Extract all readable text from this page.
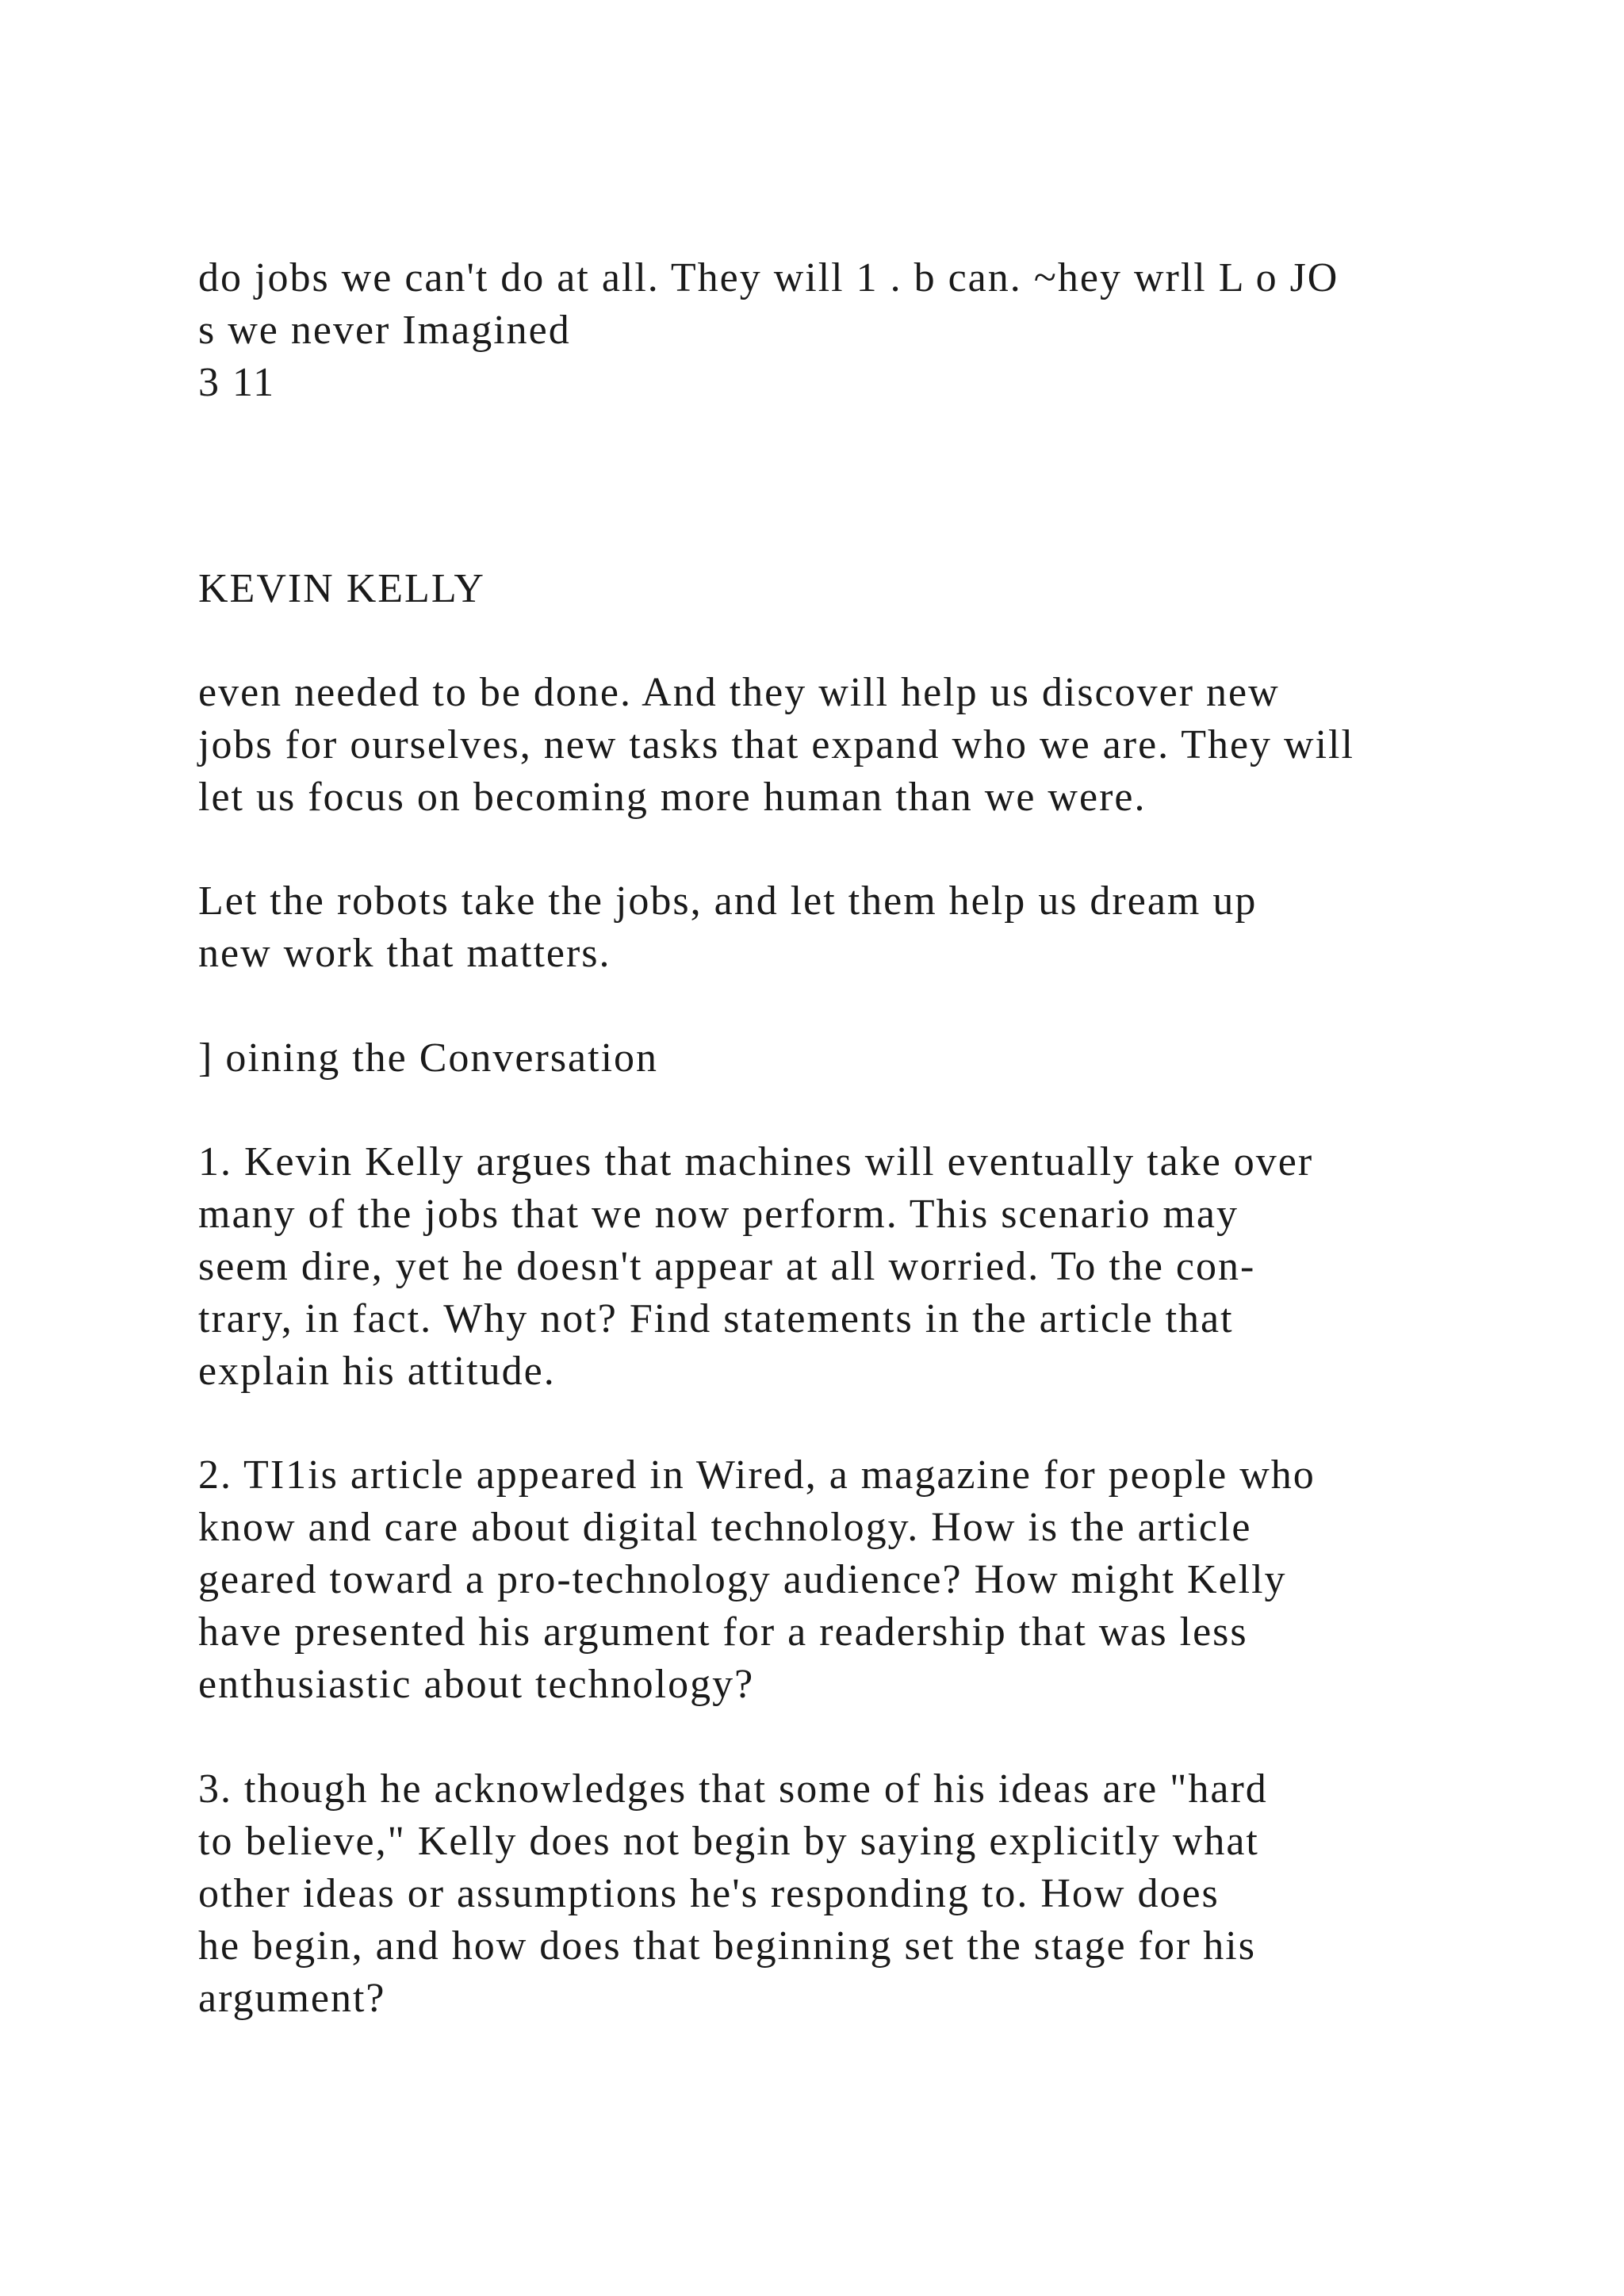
do jobs we can't do at all. They will 1 . b can. ~hey wrll L o JO
s we never Imagined
3 11
KEVIN KELLY
even needed to be done. And they will help us discover new
jobs for ourselves, new tasks that expand who we are. They will
let us focus on becoming more human than we were.
Let the robots take the jobs, and let them help us dream up
new work that matters.
] oining the Conversation
1. Kevin Kelly argues that machines will eventually take over
many of the jobs that we now perform. This scenario may
seem dire, yet he doesn't appear at all worried. To the con-
trary, in fact. Why not? Find statements in the article that
explain his attitude.
2. TI1is article appeared in Wired, a magazine for people who
know and care about digital technology. How is the article
geared toward a pro-technology audience? How might Kelly
have presented his argument for a readership that was less
enthusiastic about technology?
3. though he acknowledges that some of his ideas are "hard
to believe," Kelly does not begin by saying explicitly what
other ideas or assumptions he's responding to. How does
he begin, and how does that beginning set the stage for his
argument?
